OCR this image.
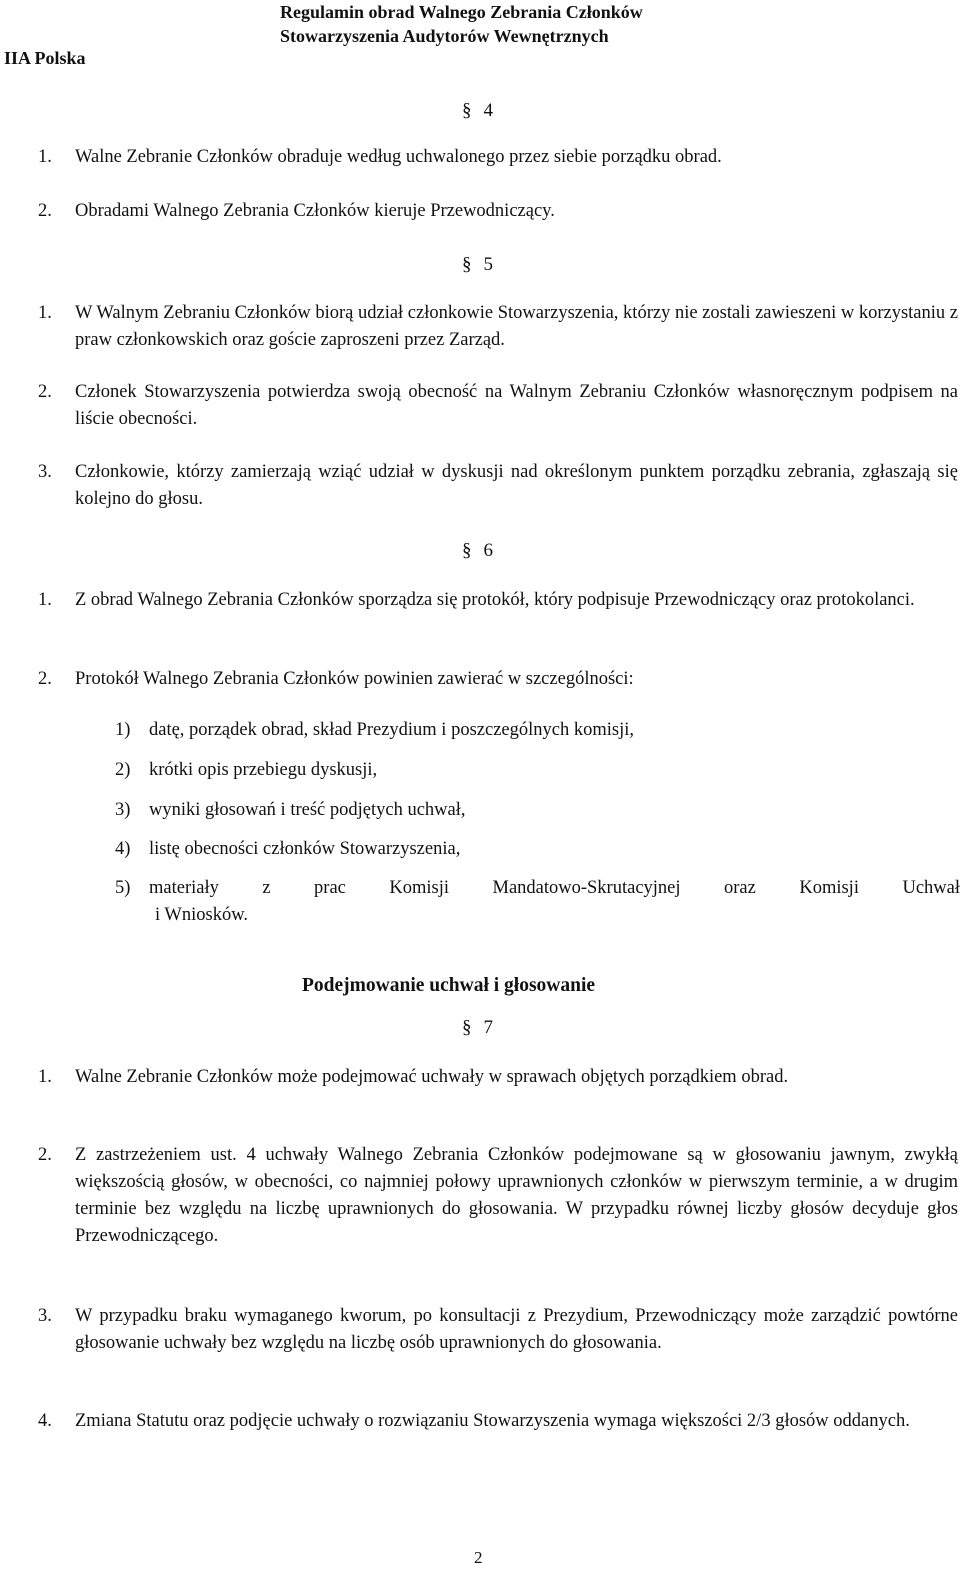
IIA Polska
Regulamin obrad Walnego Zebrania Członków
Stowarzyszenia Audytorów Wewnętrznych
§ 4
1. Walne Zebranie Członków obraduje według uchwalonego przez siebie porządku obrad.
2. Obradami Walnego Zebrania Członków kieruje Przewodniczący.
§ 5
1. W Walnym Zebraniu Członków biorą udział członkowie Stowarzyszenia, którzy nie zostali zawieszeni w korzystaniu z praw członkowskich oraz goście zaproszeni przez Zarząd.
2. Członek Stowarzyszenia potwierdza swoją obecność na Walnym Zebraniu Członków własnoręcznym podpisem na liście obecności.
3. Członkowie, którzy zamierzają wziąć udział w dyskusji nad określonym punktem porządku zebrania, zgłaszają się kolejno do głosu.
§ 6
1. Z obrad Walnego Zebrania Członków sporządza się protokół, który podpisuje Przewodniczący oraz protokolanci.
2. Protokół Walnego Zebrania Członków powinien zawierać w szczególności:
1) datę, porządek obrad, skład Prezydium i poszczególnych komisji,
2) krótki opis przebiegu dyskusji,
3) wyniki głosowań i treść podjętych uchwał,
4) listę obecności członków Stowarzyszenia,
5) materiały z prac Komisji Mandatowo-Skrutacyjnej oraz Komisji Uchwał
i Wniosków.
Podejmowanie uchwał i głosowanie
§ 7
1. Walne Zebranie Członków może podejmować uchwały w sprawach objętych porządkiem obrad.
2. Z zastrzeżeniem ust. 4 uchwały Walnego Zebrania Członków podejmowane są w głosowaniu jawnym, zwykłą większością głosów, w obecności, co najmniej połowy uprawnionych członków w pierwszym terminie, a w drugim terminie bez względu na liczbę uprawnionych do głosowania. W przypadku równej liczby głosów decyduje głos Przewodniczącego.
3. W przypadku braku wymaganego kworum, po konsultacji z Prezydium, Przewodniczący może zarządzić powtórne głosowanie uchwały bez względu na liczbę osób uprawnionych do głosowania.
4. Zmiana Statutu oraz podjęcie uchwały o rozwiązaniu Stowarzyszenia wymaga większości 2/3 głosów oddanych.
2
